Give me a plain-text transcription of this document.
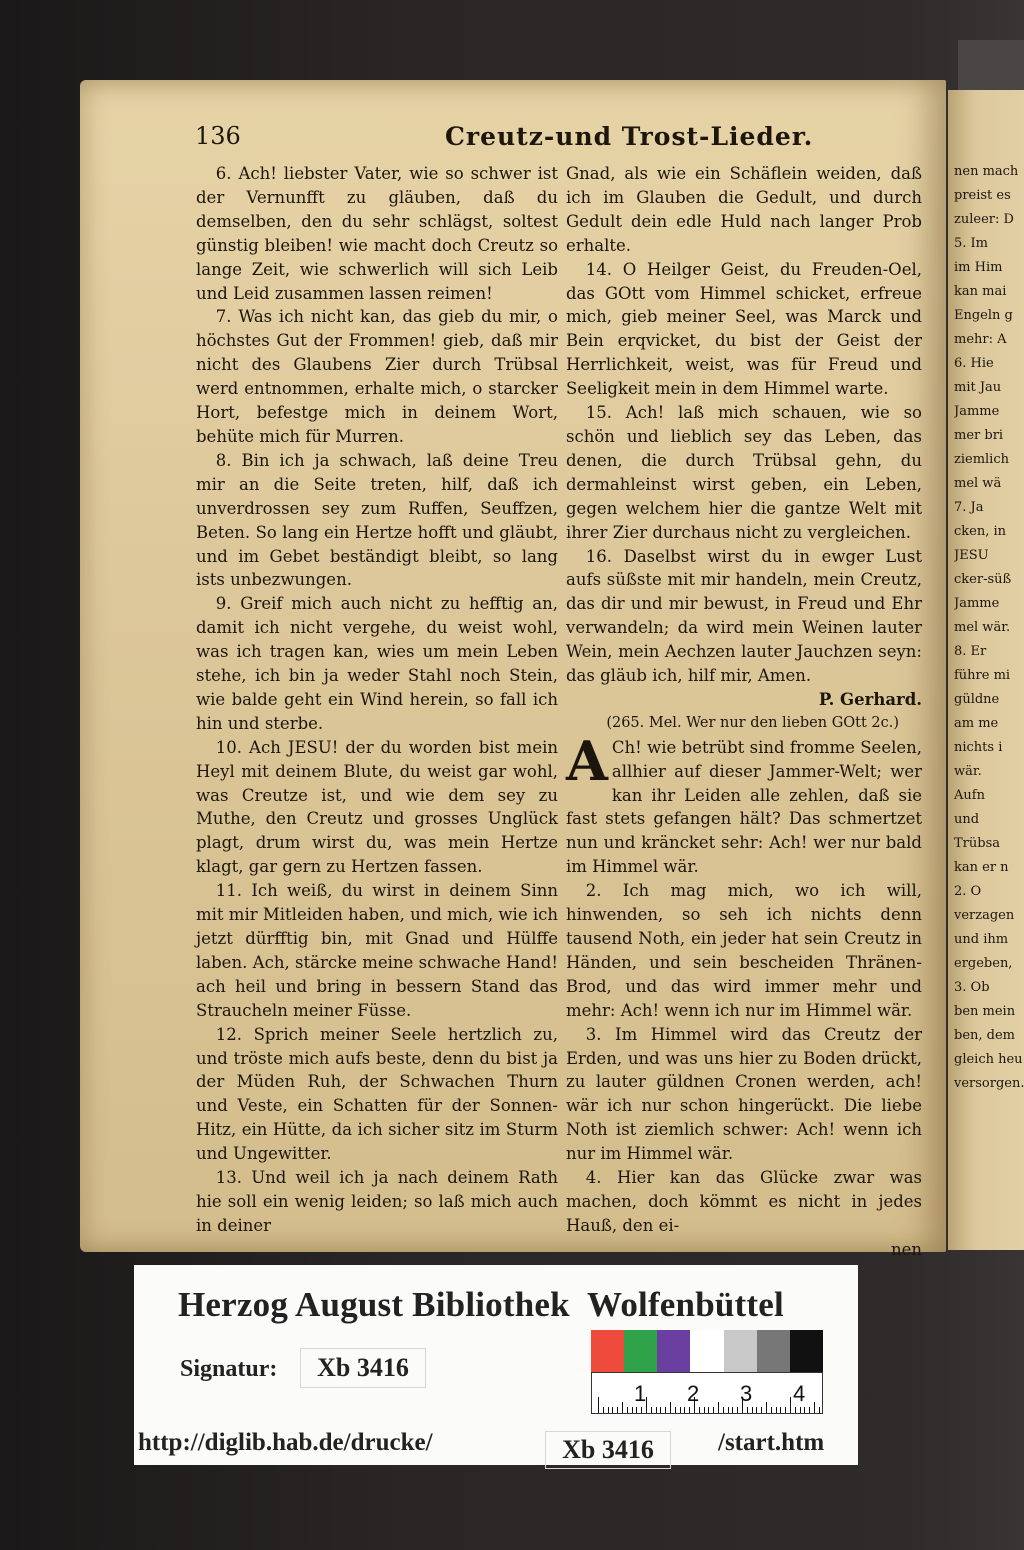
136	Creutz-und Trost-Lieder.

6. Ach! liebster Vater, wie so schwer ist der Vernunfft zu gläuben, daß du demselben, den du sehr schlägst, soltest günstig bleiben! wie macht doch Creutz so lange Zeit, wie schwerlich will sich Leib und Leid zusammen lassen reimen!

7. Was ich nicht kan, das gieb du mir, o höchstes Gut der Frommen! gieb, daß mir nicht des Glaubens Zier durch Trübsal werd entnommen, erhalte mich, o starcker Hort, befestge mich in deinem Wort, behüte mich für Murren.

8. Bin ich ja schwach, laß deine Treu mir an die Seite treten, hilf, daß ich unverdrossen sey zum Ruffen, Seuffzen, Beten. So lang ein Hertze hofft und gläubt, und im Gebet beständigt bleibt, so lang ists unbezwungen.

9. Greif mich auch nicht zu hefftig an, damit ich nicht vergehe, du weist wohl, was ich tragen kan, wies um mein Leben stehe, ich bin ja weder Stahl noch Stein, wie balde geht ein Wind herein, so fall ich hin und sterbe.

10. Ach JESU! der du worden bist mein Heyl mit deinem Blute, du weist gar wohl, was Creutze ist, und wie dem sey zu Muthe, den Creutz und grosses Unglück plagt, drum wirst du, was mein Hertze klagt, gar gern zu Hertzen fassen.

11. Ich weiß, du wirst in deinem Sinn mit mir Mitleiden haben, und mich, wie ich jetzt dürfftig bin, mit Gnad und Hülffe laben. Ach, stärcke meine schwache Hand! ach heil und bring in bessern Stand das Straucheln meiner Füsse.

12. Sprich meiner Seele hertzlich zu, und tröste mich aufs beste, denn du bist ja der Müden Ruh, der Schwachen Thurn und Veste, ein Schatten für der Sonnen-Hitz, ein Hütte, da ich sicher sitz im Sturm und Ungewitter.

13. Und weil ich ja nach deinem Rath hie soll ein wenig leiden; so laß mich auch in deiner

Gnad, als wie ein Schäflein weiden, daß ich im Glauben die Gedult, und durch Gedult dein edle Huld nach langer Prob erhalte.

14. O Heilger Geist, du Freuden-Oel, das GOtt vom Himmel schicket, erfreue mich, gieb meiner Seel, was Marck und Bein erqvicket, du bist der Geist der Herrlichkeit, weist, was für Freud und Seeligkeit mein in dem Himmel warte.

15. Ach! laß mich schauen, wie so schön und lieblich sey das Leben, das denen, die durch Trübsal gehn, du dermahleinst wirst geben, ein Leben, gegen welchem hier die gantze Welt mit ihrer Zier durchaus nicht zu vergleichen.

16. Daselbst wirst du in ewger Lust aufs süßste mit mir handeln, mein Creutz, das dir und mir bewust, in Freud und Ehr verwandeln; da wird mein Weinen lauter Wein, mein Aechzen lauter Jauchzen seyn: das gläub ich, hilf mir, Amen.

P. Gerhard.

(265. Mel. Wer nur den lieben GOtt 2c.)

A Ch! wie betrübt sind fromme Seelen, allhier auf dieser Jammer-Welt; wer kan ihr Leiden alle zehlen, daß sie fast stets gefangen hält? Das schmertzet nun und kräncket sehr: Ach! wer nur bald im Himmel wär.

2. Ich mag mich, wo ich will, hinwenden, so seh ich nichts denn tausend Noth, ein jeder hat sein Creutz in Händen, und sein bescheiden Thränen-Brod, und das wird immer mehr und mehr: Ach! wenn ich nur im Himmel wär.

3. Im Himmel wird das Creutz der Erden, und was uns hier zu Boden drückt, zu lauter güldnen Cronen werden, ach! wär ich nur schon hingerückt. Die liebe Noth ist ziemlich schwer: Ach! wenn ich nur im Himmel wär.

4. Hier kan das Glücke zwar was machen, doch kömmt es nicht in jedes Hauß, den ei-

nen

nen mach
preist es
zuleer: D
5. Im
im Him
kan mai
Engeln g
mehr: A
6. Hie
mit Jau
Jamme
mer bri
ziemlich
mel wä
7. Ja
cken, in
JESU
cker-süß
Jamme
mel wär.
8. Er
führe mi
güldne
am me
nichts i
wär.
Aufn
und
Trübsa
kan er n
2. O
verzagen
und ihm
ergeben,
3. Ob
ben mein
ben, dem
gleich heu
versorgen.
Herzog August Bibliothek  Wolfenbüttel
Signatur:	Xb 3416
http://diglib.hab.de/drucke/	Xb 3416	/start.htm
1 2 3 4
